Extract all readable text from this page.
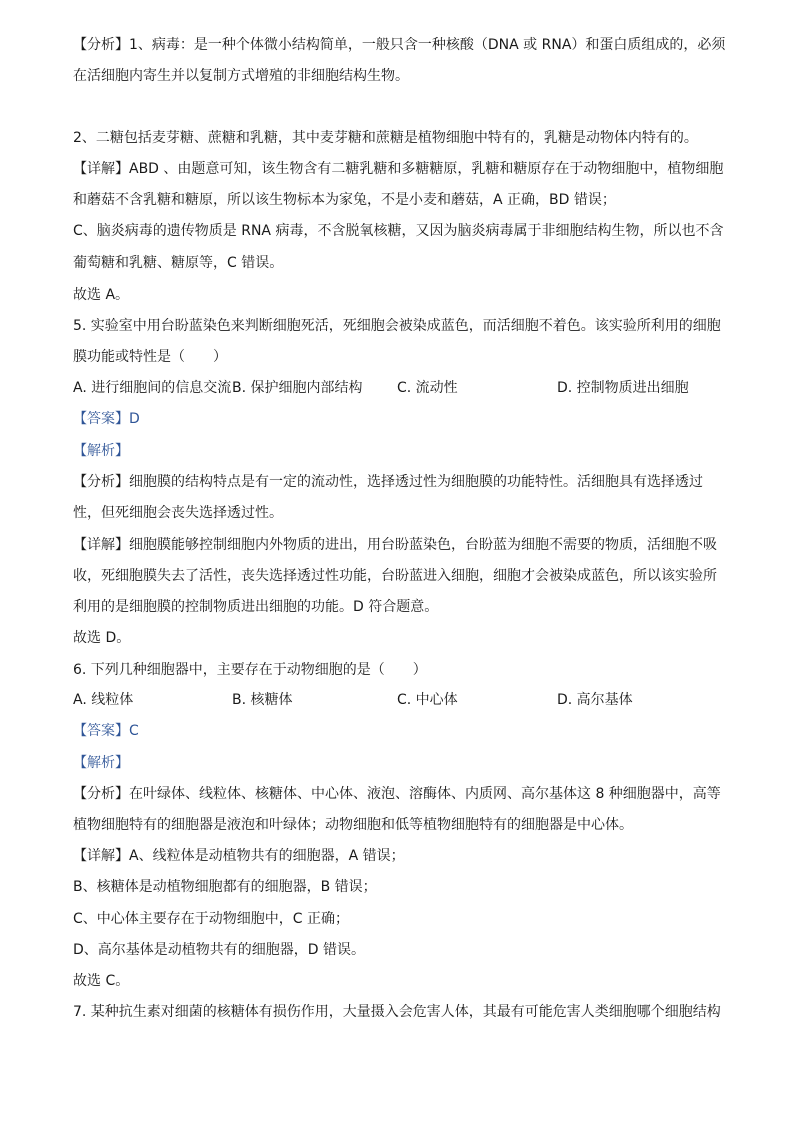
【分析】1、病毒：是一种个体微小结构简单，一般只含一种核酸（DNA 或 RNA）和蛋白质组成的，必须
在活细胞内寄生并以复制方式增殖的非细胞结构生物。
2、二糖包括麦芽糖、蔗糖和乳糖，其中麦芽糖和蔗糖是植物细胞中特有的，乳糖是动物体内特有的。
【详解】ABD 、由题意可知，该生物含有二糖乳糖和多糖糖原，乳糖和糖原存在于动物细胞中，植物细胞
和蘑菇不含乳糖和糖原，所以该生物标本为家兔，不是小麦和蘑菇，A 正确，BD 错误；
C、脑炎病毒的遗传物质是 RNA 病毒，不含脱氧核糖，又因为脑炎病毒属于非细胞结构生物，所以也不含
葡萄糖和乳糖、糖原等，C 错误。
故选 A。
5. 实验室中用台盼蓝染色来判断细胞死活，死细胞会被染成蓝色，而活细胞不着色。该实验所利用的细胞
膜功能或特性是（　　）
A. 进行细胞间的信息交流 B. 保护细胞内部结构 C. 流动性	D. 控制物质进出细胞
【答案】D
【解析】
【分析】细胞膜的结构特点是有一定的流动性，选择透过性为细胞膜的功能特性。活细胞具有选择透过
性，但死细胞会丧失选择透过性。
【详解】细胞膜能够控制细胞内外物质的进出，用台盼蓝染色，台盼蓝为细胞不需要的物质，活细胞不吸
收，死细胞膜失去了活性，丧失选择透过性功能，台盼蓝进入细胞，细胞才会被染成蓝色，所以该实验所
利用的是细胞膜的控制物质进出细胞的功能。D 符合题意。
故选 D。
6. 下列几种细胞器中，主要存在于动物细胞的是（　　）
A. 线粒体	B. 核糖体	C. 中心体	D. 高尔基体
【答案】C
【解析】
【分析】在叶绿体、线粒体、核糖体、中心体、液泡、溶酶体、内质网、高尔基体这 8 种细胞器中，高等
植物细胞特有的细胞器是液泡和叶绿体；动物细胞和低等植物细胞特有的细胞器是中心体。
【详解】A、线粒体是动植物共有的细胞器，A 错误；
B、核糖体是动植物细胞都有的细胞器，B 错误；
C、中心体主要存在于动物细胞中，C 正确；
D、高尔基体是动植物共有的细胞器，D 错误。
故选 C。
7. 某种抗生素对细菌的核糖体有损伤作用，大量摄入会危害人体，其最有可能危害人类细胞哪个细胞结构
